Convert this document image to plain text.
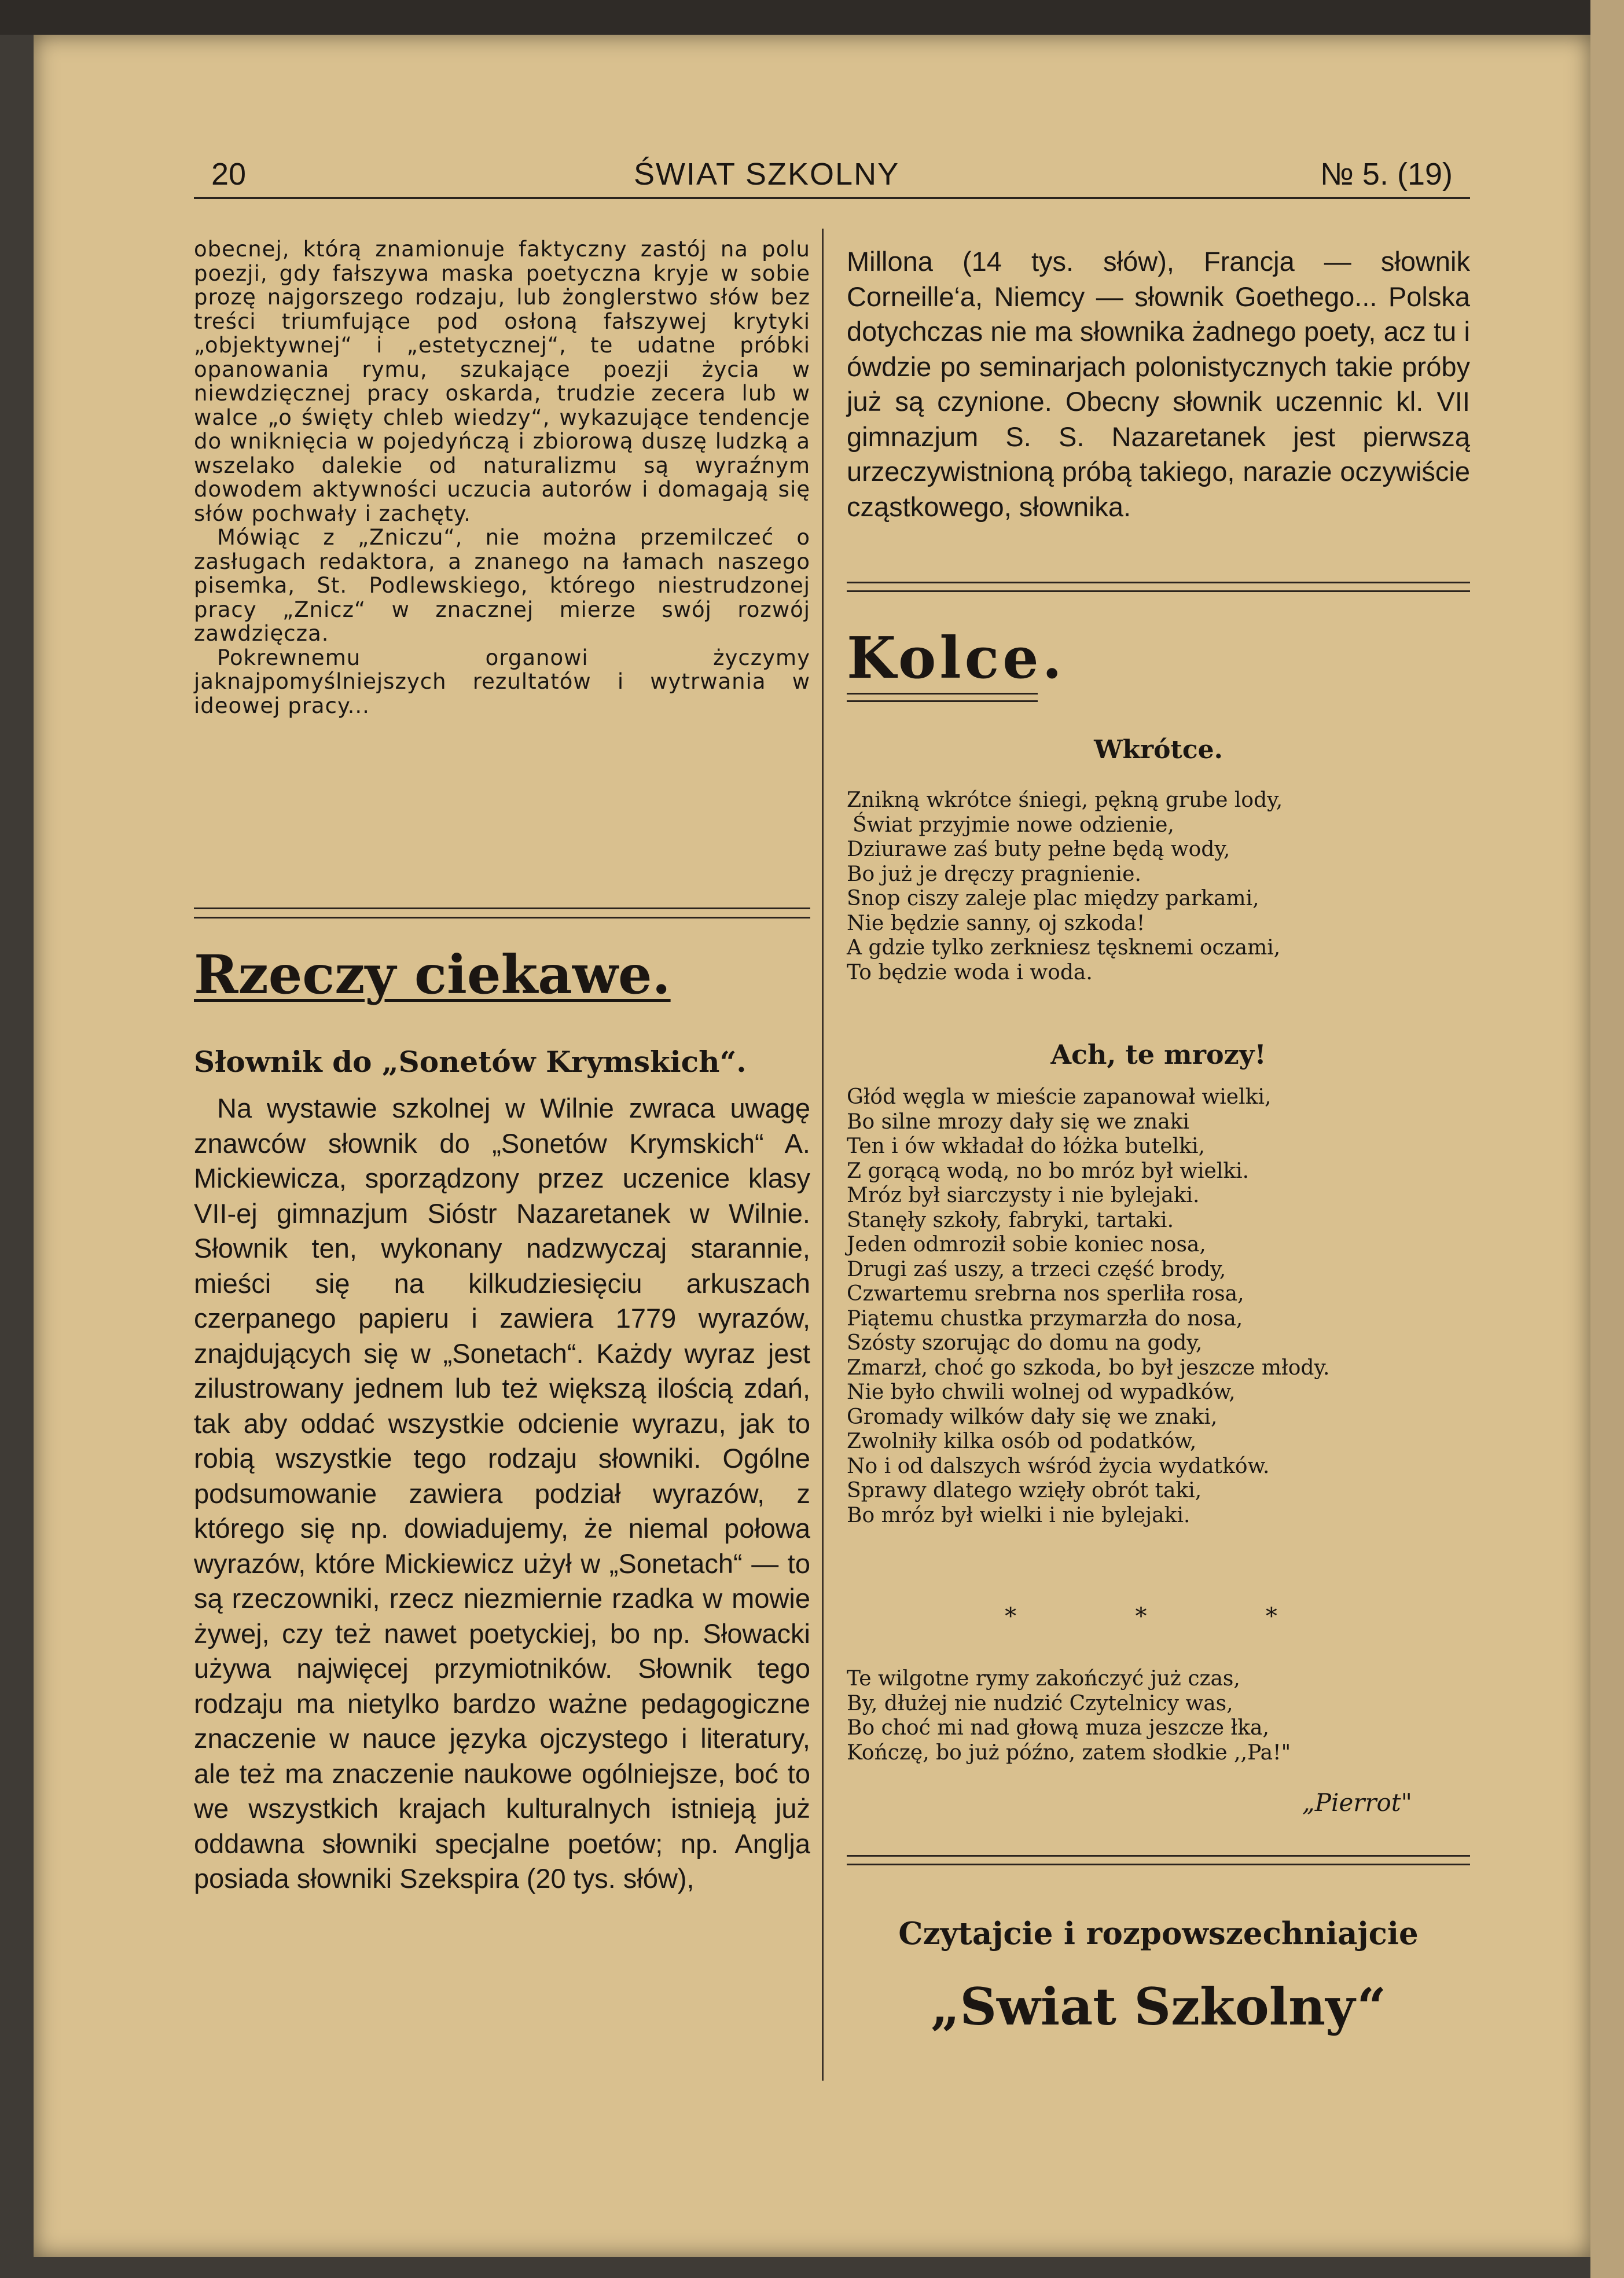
20	ŚWIAT SZKOLNY	№ 5. (19)

obecnej, którą znamionuje faktyczny zastój na polu poezji, gdy fałszywa maska poetyczna kryje w sobie prozę najgorszego rodzaju, lub żonglerstwo słów bez treści triumfujące pod osłoną fałszywej krytyki „objektywnej“ i „estetycznej“, te udatne próbki opanowania rymu, szukające poezji życia w niewdzięcznej pracy oskarda, trudzie zecera lub w walce „o święty chleb wiedzy“, wykazujące tendencje do wniknięcia w pojedyńczą i zbiorową duszę ludzką a wszelako dalekie od naturalizmu są wyraźnym dowodem aktywności uczucia autorów i domagają się słów pochwały i zachęty.

Mówiąc z „Zniczu“, nie można przemilczeć o zasługach redaktora, a znanego na łamach naszego pisemka, St. Podlewskiego, którego niestrudzonej pracy „Znicz“ w znacznej mierze swój rozwój zawdzięcza.

Pokrewnemu organowi życzymy jaknajpomyślniejszych rezultatów i wytrwania w ideowej pracy...

Rzeczy ciekawe.
Słownik do „Sonetów Krymskich“.

Na wystawie szkolnej w Wilnie zwraca uwagę znawców słownik do „Sonetów Krymskich“ A. Mickiewicza, sporządzony przez uczenice klasy VII-ej gimnazjum Sióstr Nazaretanek w Wilnie. Słownik ten, wykonany nadzwyczaj starannie, mieści się na kilkudziesięciu arkuszach czerpanego papieru i zawiera 1779 wyrazów, znajdujących się w „Sonetach“. Każdy wyraz jest zilustrowany jednem lub też większą ilością zdań, tak aby oddać wszystkie odcienie wyrazu, jak to robią wszystkie tego rodzaju słowniki. Ogólne podsumowanie zawiera podział wyrazów, z którego się np. dowiadujemy, że niemal połowa wyrazów, które Mickiewicz użył w „Sonetach“ — to są rzeczowniki, rzecz niezmiernie rzadka w mowie żywej, czy też nawet poetyckiej, bo np. Słowacki używa najwięcej przymiotników. Słownik tego rodzaju ma nietylko bardzo ważne pedagogiczne znaczenie w nauce języka ojczystego i literatury, ale też ma znaczenie naukowe ogólniejsze, boć to we wszystkich krajach kulturalnych istnieją już oddawna słowniki specjalne poetów; np. Anglja posiada słowniki Szekspira (20 tys. słów),

Millona (14 tys. słów), Francja — słownik Corneille‘a, Niemcy — słownik Goethego... Polska dotychczas nie ma słownika żadnego poety, acz tu i ówdzie po seminarjach polonistycznych takie próby już są czynione. Obecny słownik uczennic kl. VII gimnazjum S. S. Nazaretanek jest pierwszą urzeczywistnioną próbą takiego, narazie oczywiście cząstkowego, słownika.

Kolce.
Wkrótce.
Znikną wkrótce śniegi, pękną grube lody,
Świat przyjmie nowe odzienie,
Dziurawe zaś buty pełne będą wody,
Bo już je dręczy pragnienie.
Snop ciszy zaleje plac między parkami,
Nie będzie sanny, oj szkoda!
A gdzie tylko zerkniesz tęsknemi oczami,
To będzie woda i woda.
Ach, te mrozy!
Głód węgla w mieście zapanował wielki,
Bo silne mrozy dały się we znaki
Ten i ów wkładał do łóżka butelki,
Z gorącą wodą, no bo mróz był wielki.
Mróz był siarczysty i nie bylejaki.
Stanęły szkoły, fabryki, tartaki.
Jeden odmroził sobie koniec nosa,
Drugi zaś uszy, a trzeci część brody,
Czwartemu srebrna nos sperliła rosa,
Piątemu chustka przymarzła do nosa,
Szósty szorując do domu na gody,
Zmarzł, choć go szkoda, bo był jeszcze młody.
Nie było chwili wolnej od wypadków,
Gromady wilków dały się we znaki,
Zwolniły kilka osób od podatków,
No i od dalszych wśród życia wydatków.
Sprawy dlatego wzięły obrót taki,
Bo mróz był wielki i nie bylejaki.
*  *  *
Te wilgotne rymy zakończyć już czas,
By, dłużej nie nudzić Czytelnicy was,
Bo choć mi nad głową muza jeszcze łka,
Kończę, bo już późno, zatem słodkie ,,Pa!"
„Pierrot"
Czytajcie i rozpowszechniajcie
„Swiat Szkolny“
